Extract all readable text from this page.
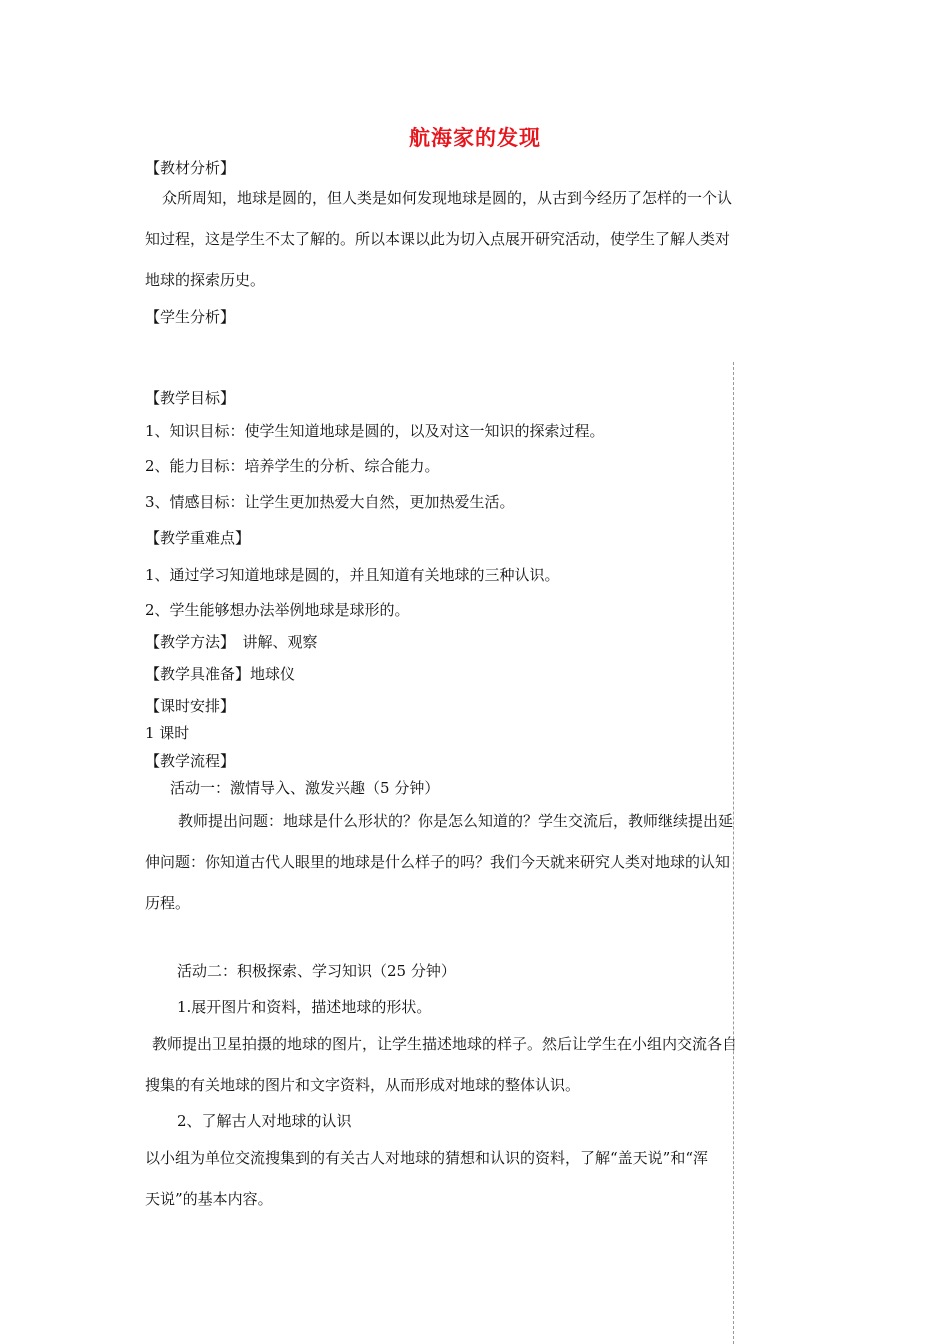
航海家的发现
【教材分析】
众所周知，地球是圆的，但人类是如何发现地球是圆的，从古到今经历了怎样的一个认
知过程，这是学生不太了解的。所以本课以此为切入点展开研究活动，使学生了解人类对
地球的探索历史。
【学生分析】
【教学目标】
1、知识目标：使学生知道地球是圆的，以及对这一知识的探索过程。
2、能力目标：培养学生的分析、综合能力。
3、情感目标：让学生更加热爱大自然，更加热爱生活。
【教学重难点】
1、通过学习知道地球是圆的，并且知道有关地球的三种认识。
2、学生能够想办法举例地球是球形的。
【教学方法】　讲解、观察
【教学具准备】地球仪
【课时安排】
1 课时
【教学流程】
活动一：激情导入、激发兴趣（5 分钟）
教师提出问题：地球是什么形状的？你是怎么知道的？学生交流后，教师继续提出延
伸问题：你知道古代人眼里的地球是什么样子的吗？我们今天就来研究人类对地球的认知
历程。
活动二：积极探索、学习知识（25 分钟）
1.展开图片和资料，描述地球的形状。
教师提出卫星拍摄的地球的图片，让学生描述地球的样子。然后让学生在小组内交流各自
搜集的有关地球的图片和文字资料，从而形成对地球的整体认识。
2、了解古人对地球的认识
以小组为单位交流搜集到的有关古人对地球的猜想和认识的资料，了解“盖天说”和“浑
天说”的基本内容。
